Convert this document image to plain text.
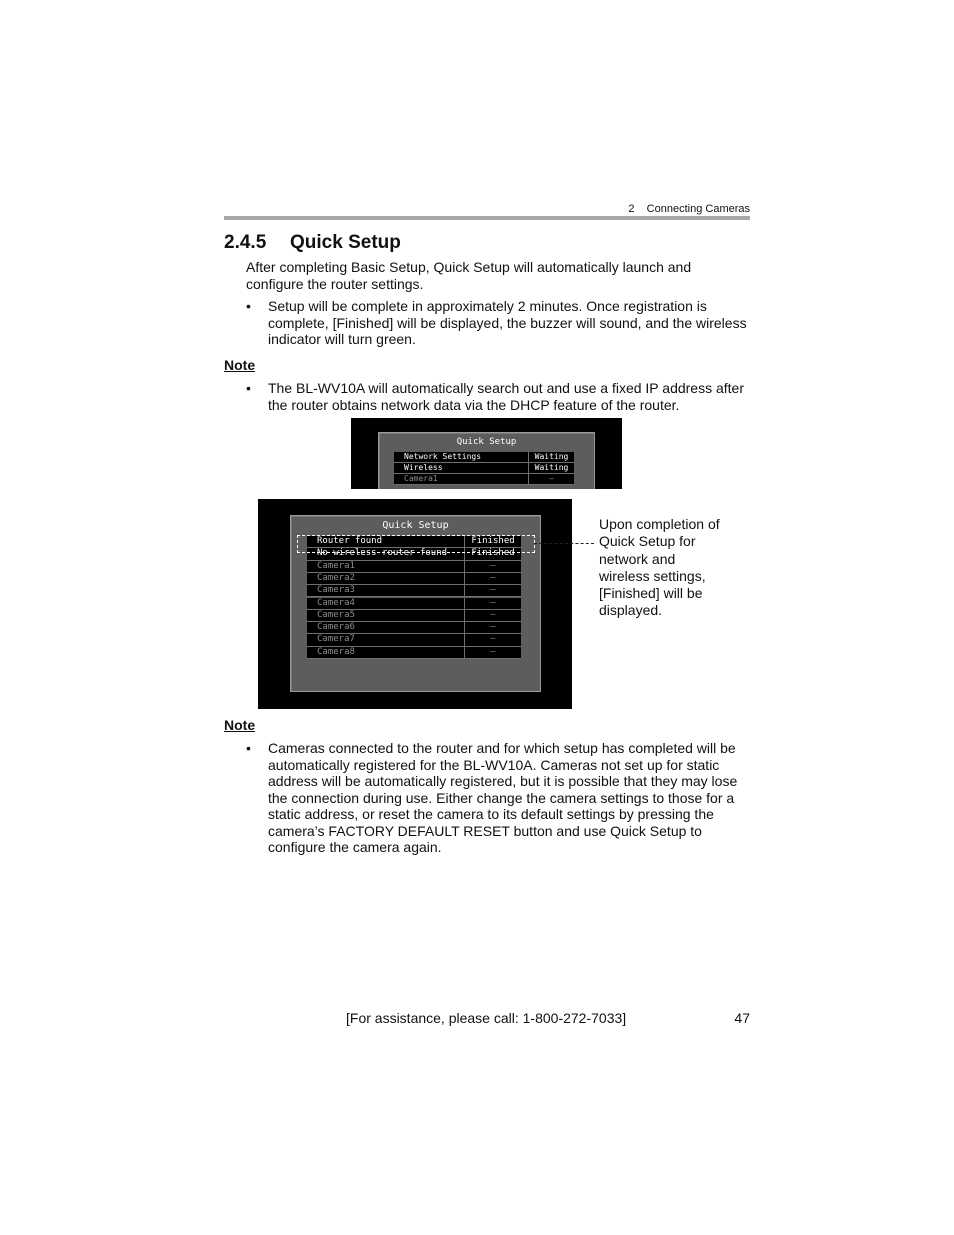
2    Connecting Cameras
2.4.5 Quick Setup
After completing Basic Setup, Quick Setup will automatically launch and configure the router settings.
•	Setup will be complete in approximately 2 minutes. Once registration is complete, [Finished] will be displayed, the buzzer will sound, and the wireless indicator will turn green.
Note
•	The BL-WV10A will automatically search out and use a fixed IP address after the router obtains network data via the DHCP feature of the router.
Quick Setup
Network Settings	Waiting
Wireless	Waiting
Camera1	–
Quick Setup
Router found	Finished
No wireless router found	Finished
Camera1	–
Camera2	–
Camera3	–
Camera4	–
Camera5	–
Camera6	–
Camera7	–
Camera8	–
Upon completion of Quick Setup for network and wireless settings, [Finished] will be displayed.
Note
•	Cameras connected to the router and for which setup has completed will be automatically registered for the BL-WV10A. Cameras not set up for static address will be automatically registered, but it is possible that they may lose the connection during use. Either change the camera settings to those for a static address, or reset the camera to its default settings by pressing the camera’s FACTORY DEFAULT RESET button and use Quick Setup to configure the camera again.
[For assistance, please call: 1-800-272-7033]	47
